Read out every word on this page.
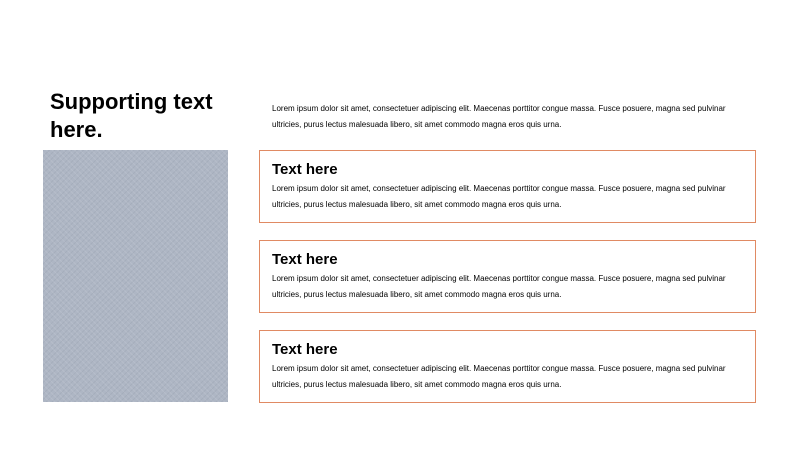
Supporting text here.

Lorem ipsum dolor sit amet, consectetuer adipiscing elit. Maecenas porttitor congue massa. Fusce posuere, magna sed pulvinar ultricies, purus lectus malesuada libero, sit amet commodo magna eros quis urna.

Text here

Lorem ipsum dolor sit amet, consectetuer adipiscing elit. Maecenas porttitor congue massa. Fusce posuere, magna sed pulvinar ultricies, purus lectus malesuada libero, sit amet commodo magna eros quis urna.

Text here

Lorem ipsum dolor sit amet, consectetuer adipiscing elit. Maecenas porttitor congue massa. Fusce posuere, magna sed pulvinar ultricies, purus lectus malesuada libero, sit amet commodo magna eros quis urna.

Text here

Lorem ipsum dolor sit amet, consectetuer adipiscing elit. Maecenas porttitor congue massa. Fusce posuere, magna sed pulvinar ultricies, purus lectus malesuada libero, sit amet commodo magna eros quis urna.
